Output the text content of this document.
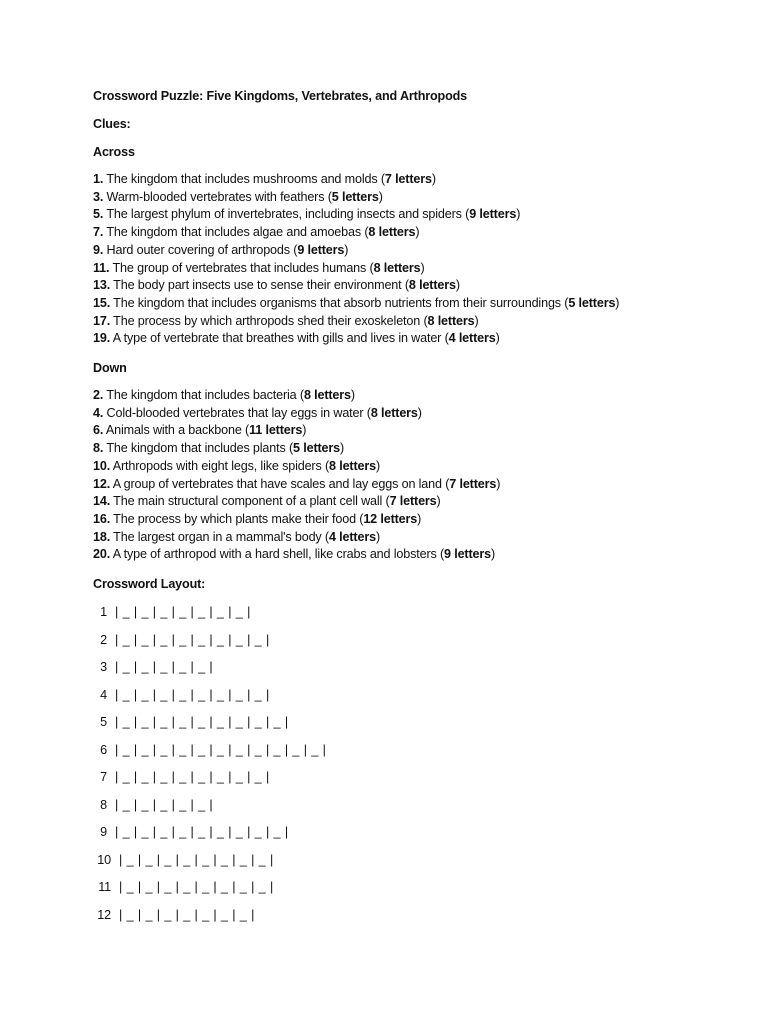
Crossword Puzzle: Five Kingdoms, Vertebrates, and Arthropods

Clues:

Across

1. The kingdom that includes mushrooms and molds (7 letters)

3. Warm-blooded vertebrates with feathers (5 letters)

5. The largest phylum of invertebrates, including insects and spiders (9 letters)

7. The kingdom that includes algae and amoebas (8 letters)

9. Hard outer covering of arthropods (9 letters)

11. The group of vertebrates that includes humans (8 letters)

13. The body part insects use to sense their environment (8 letters)

15. The kingdom that includes organisms that absorb nutrients from their surroundings (5 letters)

17. The process by which arthropods shed their exoskeleton (8 letters)

19. A type of vertebrate that breathes with gills and lives in water (4 letters)

Down

2. The kingdom that includes bacteria (8 letters)

4. Cold-blooded vertebrates that lay eggs in water (8 letters)

6. Animals with a backbone (11 letters)

8. The kingdom that includes plants (5 letters)

10. Arthropods with eight legs, like spiders (8 letters)

12. A group of vertebrates that have scales and lay eggs on land (7 letters)

14. The main structural component of a plant cell wall (7 letters)

16. The process by which plants make their food (12 letters)

18. The largest organ in a mammal's body (4 letters)

20. A type of arthropod with a hard shell, like crabs and lobsters (9 letters)

Crossword Layout:

1 | _ | _ | _ | _ | _ | _ | _ |
2 | _ | _ | _ | _ | _ | _ | _ | _ |
3 | _ | _ | _ | _ | _ |
4 | _ | _ | _ | _ | _ | _ | _ | _ |
5 | _ | _ | _ | _ | _ | _ | _ | _ | _ |
6 | _ | _ | _ | _ | _ | _ | _ | _ | _ | _ | _ |
7 | _ | _ | _ | _ | _ | _ | _ | _ |
8 | _ | _ | _ | _ | _ |
9 | _ | _ | _ | _ | _ | _ | _ | _ | _ |
10 | _ | _ | _ | _ | _ | _ | _ | _ |
11 | _ | _ | _ | _ | _ | _ | _ | _ |
12 | _ | _ | _ | _ | _ | _ | _ |
